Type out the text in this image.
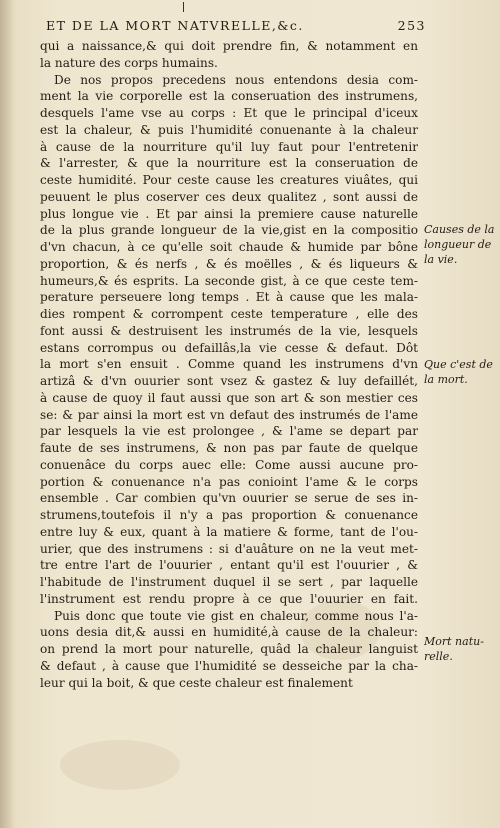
ET DE LA MORT NATVRELLE,&c.	253
qui a naissance,& qui doit prendre fin, & notamment en
la nature des corps humains.
De nos propos precedens nous entendons desia com-
ment la vie corporelle est la conseruation des instrumens,
desquels l'ame vse au corps : Et que le principal d'iceux
est la chaleur, & puis l'humidité conuenante à la chaleur
à cause de la nourriture qu'il luy faut pour l'entretenir
& l'arrester, & que la nourriture est la conseruation de
ceste humidité. Pour ceste cause les creatures viuâtes, qui
peuuent le plus coserver ces deux qualitez , sont aussi de
plus longue vie . Et par ainsi la premiere cause naturelle
de la plus grande longueur de la vie,gist en la compositio
d'vn chacun, à ce qu'elle soit chaude & humide par bône
proportion, & és nerfs , & és moëlles , & és liqueurs &
humeurs,& és esprits. La seconde gist, à ce que ceste tem-
perature perseuere long temps . Et à cause que les mala-
dies rompent & corrompent ceste temperature , elle des
font aussi & destruisent les instrumés de la vie, lesquels
estans corrompus ou defaillâs,la vie cesse & defaut. Dôt
la mort s'en ensuit . Comme quand les instrumens d'vn
artizâ & d'vn ouurier sont vsez & gastez & luy defaillét,
à cause de quoy il faut aussi que son art & son mestier ces
se: & par ainsi la mort est vn defaut des instrumés de l'ame
par lesquels la vie est prolongee , & l'ame se depart par
faute de ses instrumens, & non pas par faute de quelque
conuenâce du corps auec elle: Come aussi aucune pro-
portion & conuenance n'a pas conioint l'ame & le corps
ensemble . Car combien qu'vn ouurier se serue de ses in-
strumens,toutefois il n'y a pas proportion & conuenance
entre luy & eux, quant à la matiere & forme, tant de l'ou-
urier, que des instrumens : si d'auâture on ne la veut met-
tre entre l'art de l'ouurier , entant qu'il est l'ouurier , &
l'habitude de l'instrument duquel il se sert , par laquelle
l'instrument est rendu propre à ce que l'ouurier en fait.
Puis donc que toute vie gist en chaleur, comme nous l'a-
uons desia dit,& aussi en humidité,à cause de la chaleur:
on prend la mort pour naturelle, quâd la chaleur languist
& defaut , à cause que l'humidité se desseiche par la cha-
leur qui la boit, & que ceste chaleur est finalement
Causes de la
longueur de
la vie.
Que c'est de
la mort.
Mort natu-
relle.
